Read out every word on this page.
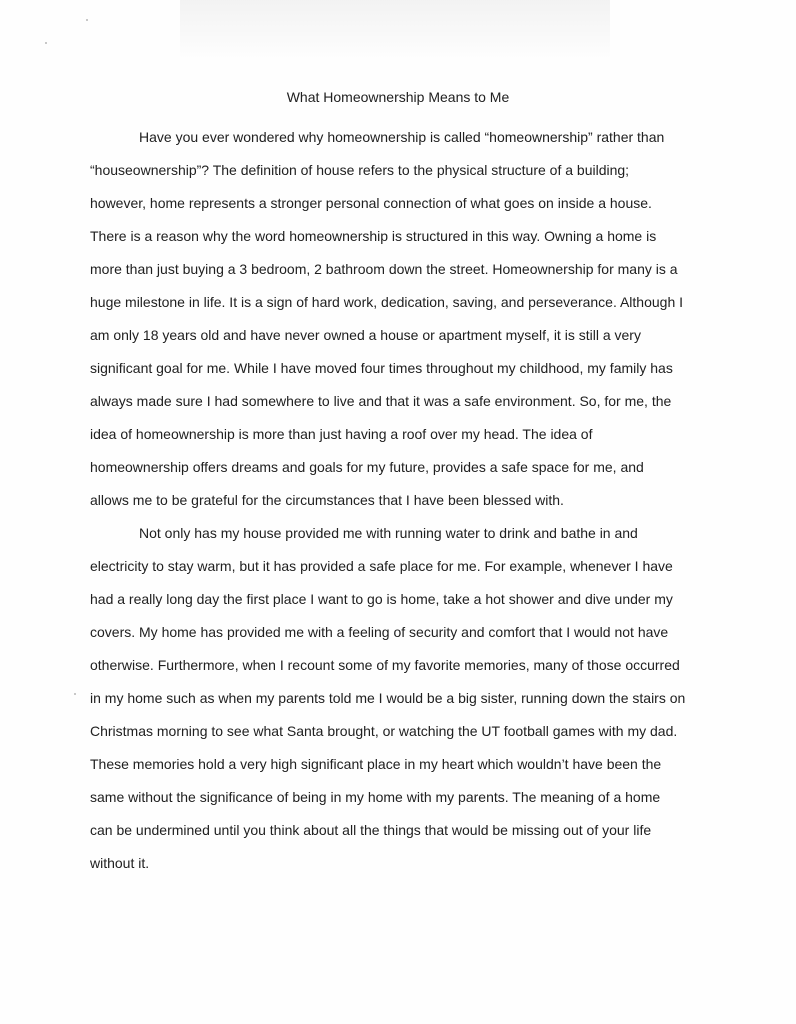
What Homeownership Means to Me
Have you ever wondered why homeownership is called “homeownership” rather than
“houseownership”? The definition of house refers to the physical structure of a building;
however, home represents a stronger personal connection of what goes on inside a house.
There is a reason why the word homeownership is structured in this way. Owning a home is
more than just buying a 3 bedroom, 2 bathroom down the street. Homeownership for many is a
huge milestone in life. It is a sign of hard work, dedication, saving, and perseverance. Although I
am only 18 years old and have never owned a house or apartment myself, it is still a very
significant goal for me. While I have moved four times throughout my childhood, my family has
always made sure I had somewhere to live and that it was a safe environment. So, for me, the
idea of homeownership is more than just having a roof over my head. The idea of
homeownership offers dreams and goals for my future, provides a safe space for me, and
allows me to be grateful for the circumstances that I have been blessed with.
Not only has my house provided me with running water to drink and bathe in and
electricity to stay warm, but it has provided a safe place for me. For example, whenever I have
had a really long day the first place I want to go is home, take a hot shower and dive under my
covers. My home has provided me with a feeling of security and comfort that I would not have
otherwise. Furthermore, when I recount some of my favorite memories, many of those occurred
in my home such as when my parents told me I would be a big sister, running down the stairs on
Christmas morning to see what Santa brought, or watching the UT football games with my dad.
These memories hold a very high significant place in my heart which wouldn’t have been the
same without the significance of being in my home with my parents. The meaning of a home
can be undermined until you think about all the things that would be missing out of your life
without it.
